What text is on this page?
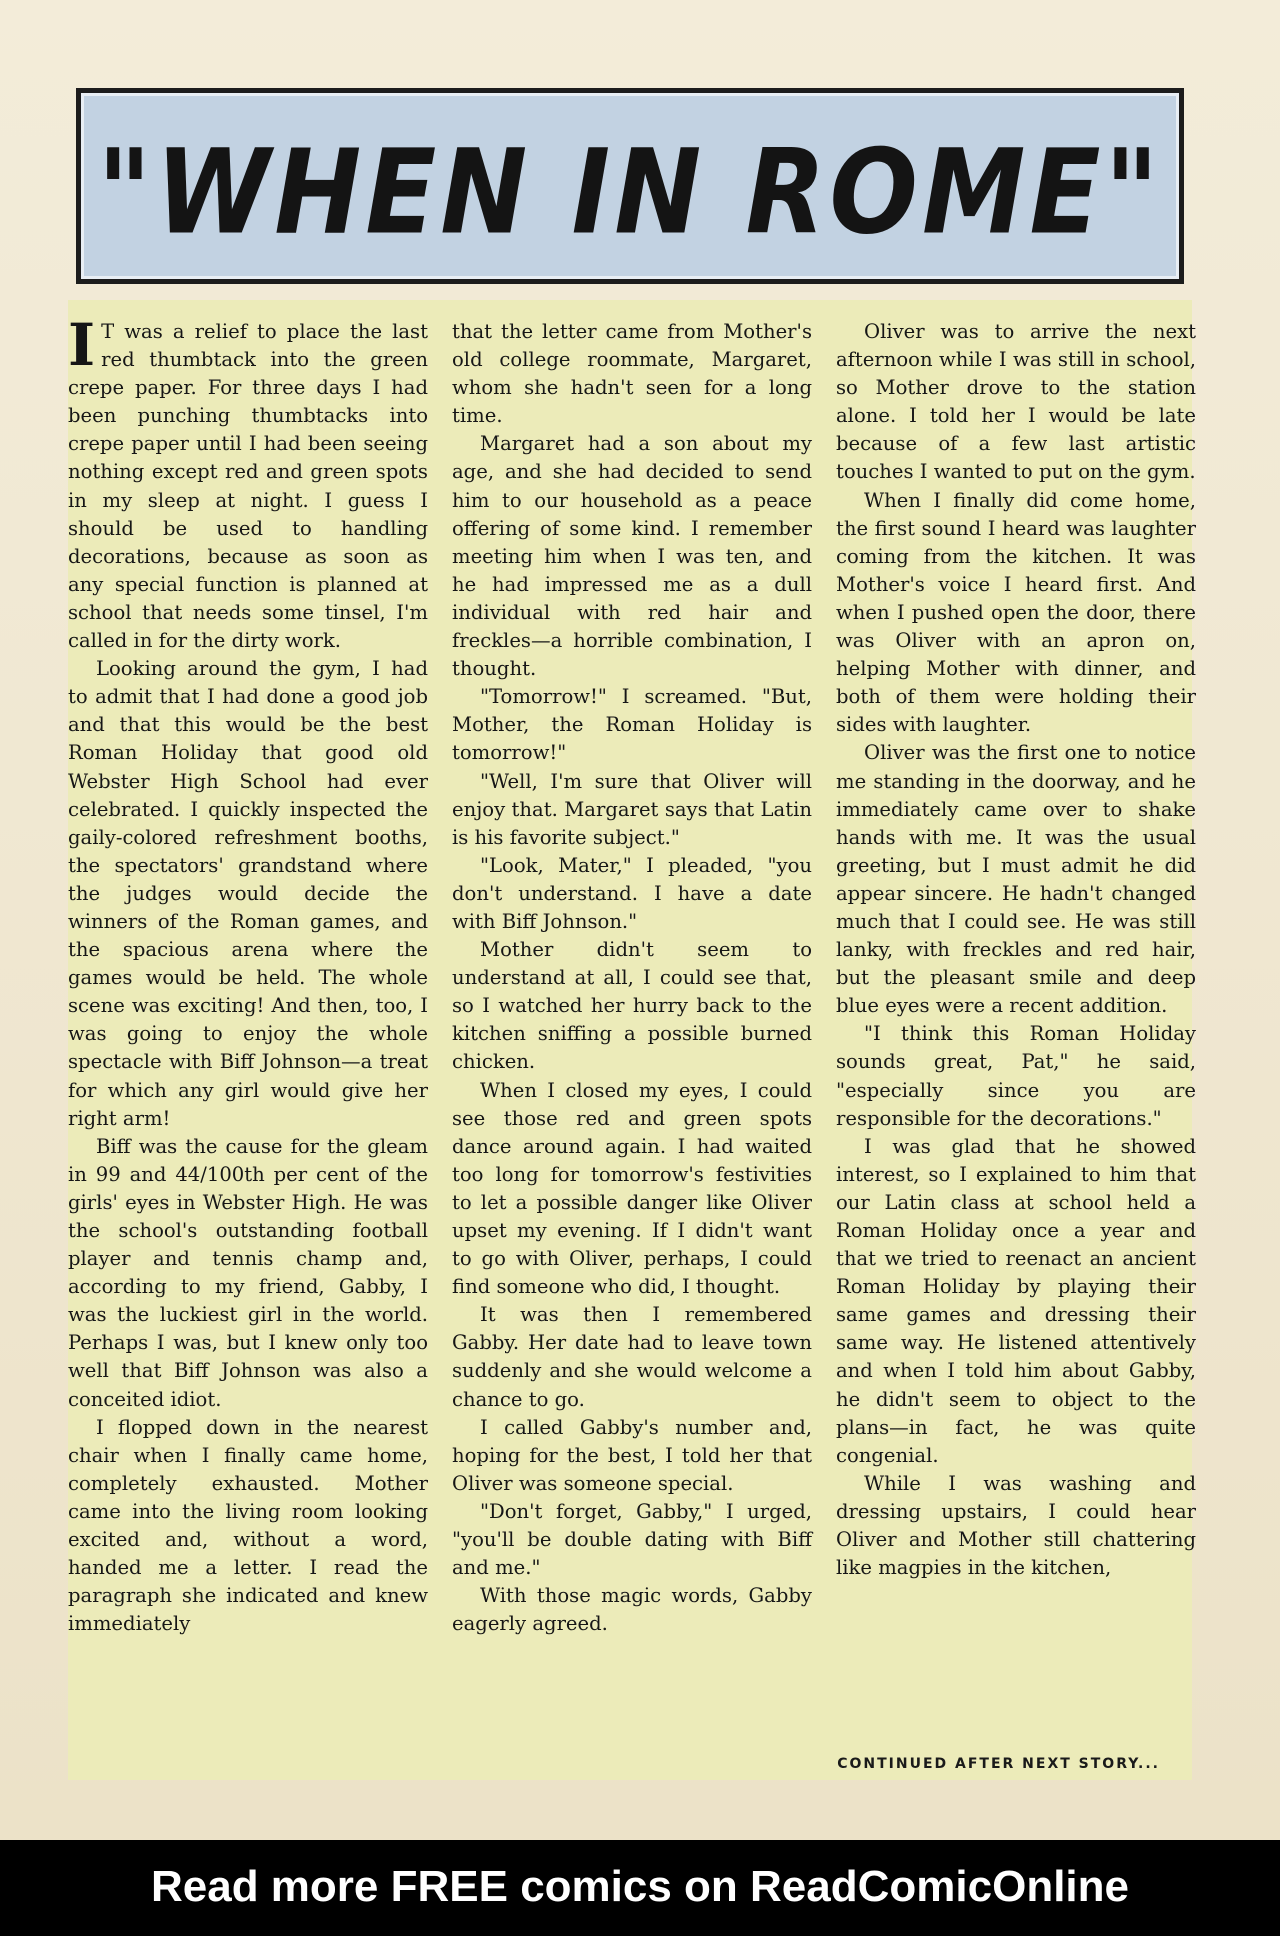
"WHEN IN ROME"

I T was a relief to place the last red thumbtack into the green crepe paper. For three days I had been punching thumbtacks into crepe paper until I had been seeing nothing except red and green spots in my sleep at night. I guess I should be used to handling decorations, because as soon as any special function is planned at school that needs some tinsel, I'm called in for the dirty work.

Looking around the gym, I had to admit that I had done a good job and that this would be the best Roman Holiday that good old Webster High School had ever celebrated. I quickly inspected the gaily-colored refreshment booths, the spectators' grandstand where the judges would decide the winners of the Roman games, and the spacious arena where the games would be held. The whole scene was exciting! And then, too, I was going to enjoy the whole spectacle with Biff Johnson—a treat for which any girl would give her right arm!

Biff was the cause for the gleam in 99 and 44/100th per cent of the girls' eyes in Webster High. He was the school's outstanding football player and tennis champ and, according to my friend, Gabby, I was the luckiest girl in the world. Perhaps I was, but I knew only too well that Biff Johnson was also a conceited idiot.

I flopped down in the nearest chair when I finally came home, completely exhausted. Mother came into the living room looking excited and, without a word, handed me a letter. I read the paragraph she indicated and knew immediately

that the letter came from Mother's old college roommate, Margaret, whom she hadn't seen for a long time.

Margaret had a son about my age, and she had decided to send him to our household as a peace offering of some kind. I remember meeting him when I was ten, and he had impressed me as a dull individual with red hair and freckles—a horrible combination, I thought.

"Tomorrow!" I screamed. "But, Mother, the Roman Holiday is tomorrow!"

"Well, I'm sure that Oliver will enjoy that. Margaret says that Latin is his favorite subject."

"Look, Mater," I pleaded, "you don't understand. I have a date with Biff Johnson."

Mother didn't seem to understand at all, I could see that, so I watched her hurry back to the kitchen sniffing a possible burned chicken.

When I closed my eyes, I could see those red and green spots dance around again. I had waited too long for tomorrow's festivities to let a possible danger like Oliver upset my evening. If I didn't want to go with Oliver, perhaps, I could find someone who did, I thought.

It was then I remembered Gabby. Her date had to leave town suddenly and she would welcome a chance to go.

I called Gabby's number and, hoping for the best, I told her that Oliver was someone special.

"Don't forget, Gabby," I urged, "you'll be double dating with Biff and me."

With those magic words, Gabby eagerly agreed.

Oliver was to arrive the next afternoon while I was still in school, so Mother drove to the station alone. I told her I would be late because of a few last artistic touches I wanted to put on the gym.

When I finally did come home, the first sound I heard was laughter coming from the kitchen. It was Mother's voice I heard first. And when I pushed open the door, there was Oliver with an apron on, helping Mother with dinner, and both of them were holding their sides with laughter.

Oliver was the first one to notice me standing in the doorway, and he immediately came over to shake hands with me. It was the usual greeting, but I must admit he did appear sincere. He hadn't changed much that I could see. He was still lanky, with freckles and red hair, but the pleasant smile and deep blue eyes were a recent addition.

"I think this Roman Holiday sounds great, Pat," he said, "especially since you are responsible for the decorations."

I was glad that he showed interest, so I explained to him that our Latin class at school held a Roman Holiday once a year and that we tried to reenact an ancient Roman Holiday by playing their same games and dressing their same way. He listened attentively and when I told him about Gabby, he didn't seem to object to the plans—in fact, he was quite congenial.

While I was washing and dressing upstairs, I could hear Oliver and Mother still chattering like magpies in the kitchen,

CONTINUED AFTER NEXT STORY...
Read more FREE comics on ReadComicOnline
